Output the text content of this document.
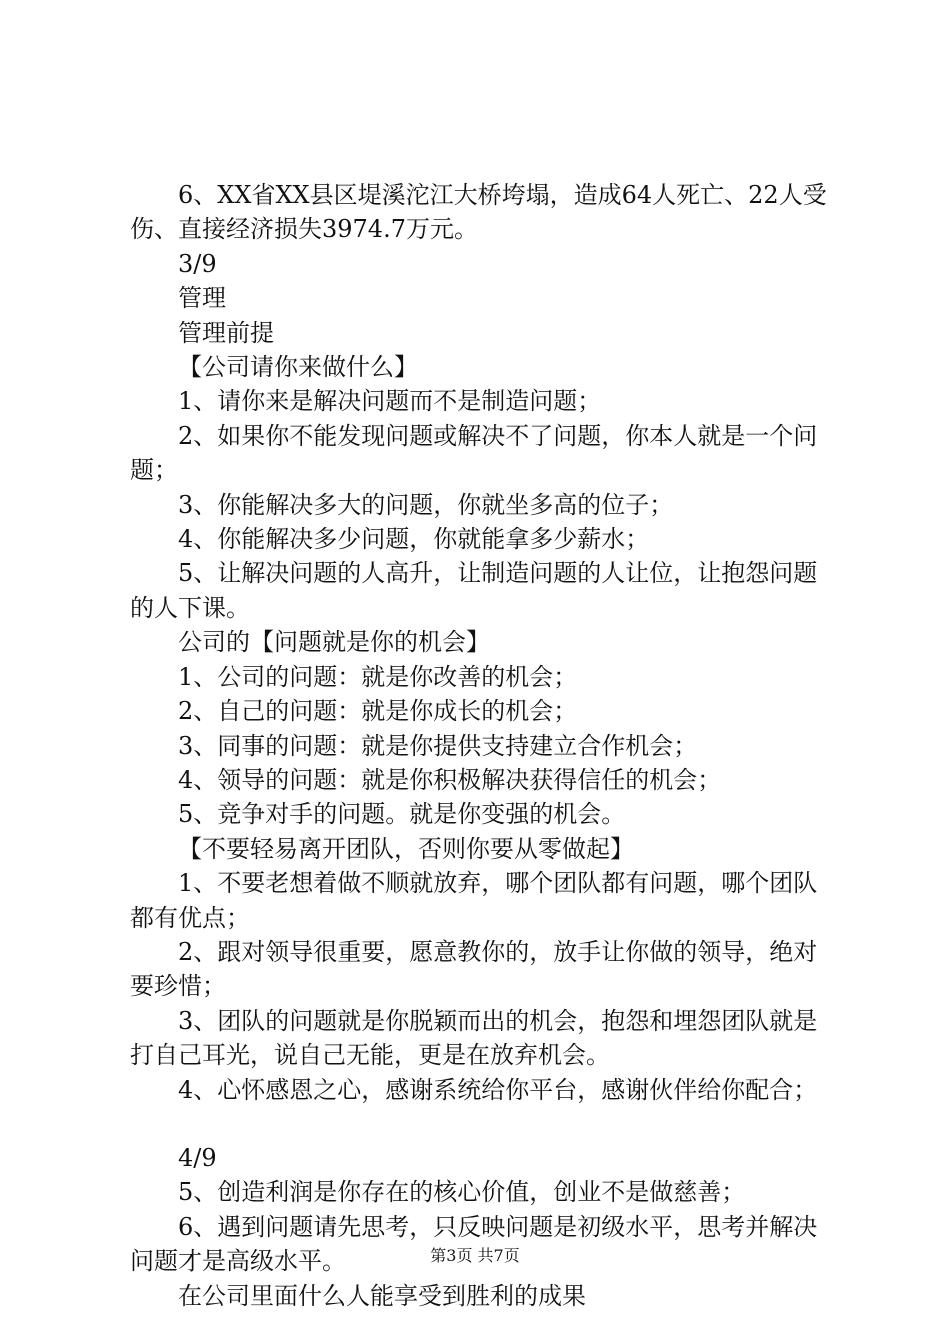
6、XX省XX县区堤溪沱江大桥垮塌，造成64人死亡、22人受伤、直接经济损失3974.7万元。

3/9

管理

管理前提

【公司请你来做什么】

1、请你来是解决问题而不是制造问题；

2、如果你不能发现问题或解决不了问题，你本人就是一个问题；

3、你能解决多大的问题，你就坐多高的位子；

4、你能解决多少问题，你就能拿多少薪水；

5、让解决问题的人高升，让制造问题的人让位，让抱怨问题的人下课。

公司的【问题就是你的机会】

1、公司的问题：就是你改善的机会；

2、自己的问题：就是你成长的机会；

3、同事的问题：就是你提供支持建立合作机会；

4、领导的问题：就是你积极解决获得信任的机会；

5、竞争对手的问题。就是你变强的机会。

【不要轻易离开团队，否则你要从零做起】

1、不要老想着做不顺就放弃，哪个团队都有问题，哪个团队都有优点；

2、跟对领导很重要，愿意教你的，放手让你做的领导，绝对要珍惜；

3、团队的问题就是你脱颖而出的机会，抱怨和埋怨团队就是打自己耳光，说自己无能，更是在放弃机会。

4、心怀感恩之心，感谢系统给你平台，感谢伙伴给你配合；

4/9

5、创造利润是你存在的核心价值，创业不是做慈善；

6、遇到问题请先思考，只反映问题是初级水平，思考并解决问题才是高级水平。

在公司里面什么人能享受到胜利的成果

第3页 共7页
